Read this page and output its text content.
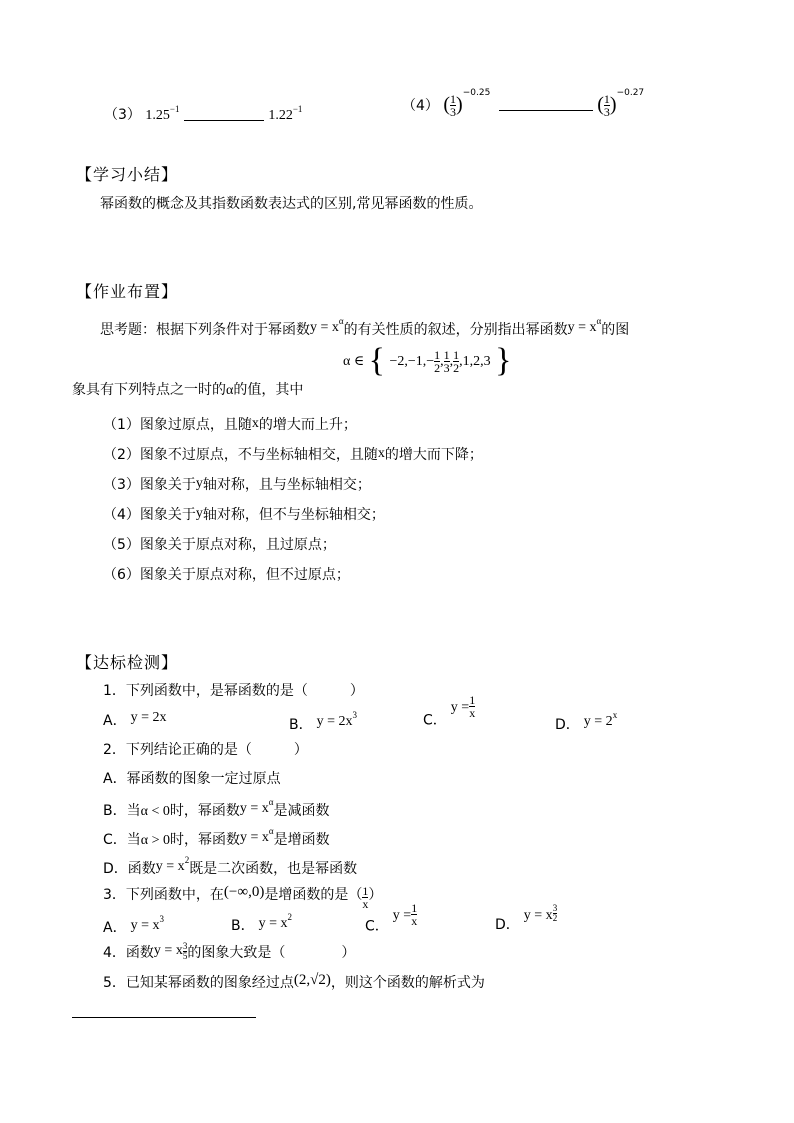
（3） $1.25^{-1}$	$1.22^{-1}$	（4） ( $\frac{1}{3} )^{-0.25}$  ( $\frac{1}{3} )^{-0.27}$
【学习小结】
幂函数的概念及其指数函数表达式的区别,常见幂函数的性质。
【作业布置】
思考题：根据下列条件对于幂函数$y = x^\alpha$的有关性质的叙述，分别指出幂函数$y = x^\alpha$的图
α ∈ { $-2,-1,- \frac{1}{2}$ , $\frac{1}{3}$ , $\frac{1}{2} ,1,2,3$ }
象具有下列特点之一时的α的值，其中
（1）图象过原点，且随x的增大而上升；
（2）图象不过原点，不与坐标轴相交，且随x的增大而下降；
（3）图象关于y轴对称，且与坐标轴相交；
（4）图象关于y轴对称，但不与坐标轴相交；
（5）图象关于原点对称，且过原点；
（6）图象关于原点对称，但不过原点；
【达标检测】
1．下列函数中，是幂函数的是（　　　）
A． y = 2x	B． $y = 2x^3$	C．$y = \frac{1}{x}$
D． $y = 2^x$
2．下列结论正确的是（　　　）
A．幂函数的图象一定过原点
B．当α < 0时，幂函数$y = x^\alpha$是减函数
C．当α > 0时，幂函数$y = x^\alpha$是增函数
D．函数$y = x^2$既是二次函数，也是幂函数
3．下列函数中，在(−∞,0)是增函数的是（ $\frac{1}{x}$ ）
A． $y = x^3$	B． $y = x^2$
C．$y = \frac{1}{x}$	D．y = x $\frac{3}{2}$
4．函数y = x $\frac{3}{5}$ 的图象大致是（　　　　）
5．已知某幂函数的图象经过点(2,√2)，则这个函数的解析式为
